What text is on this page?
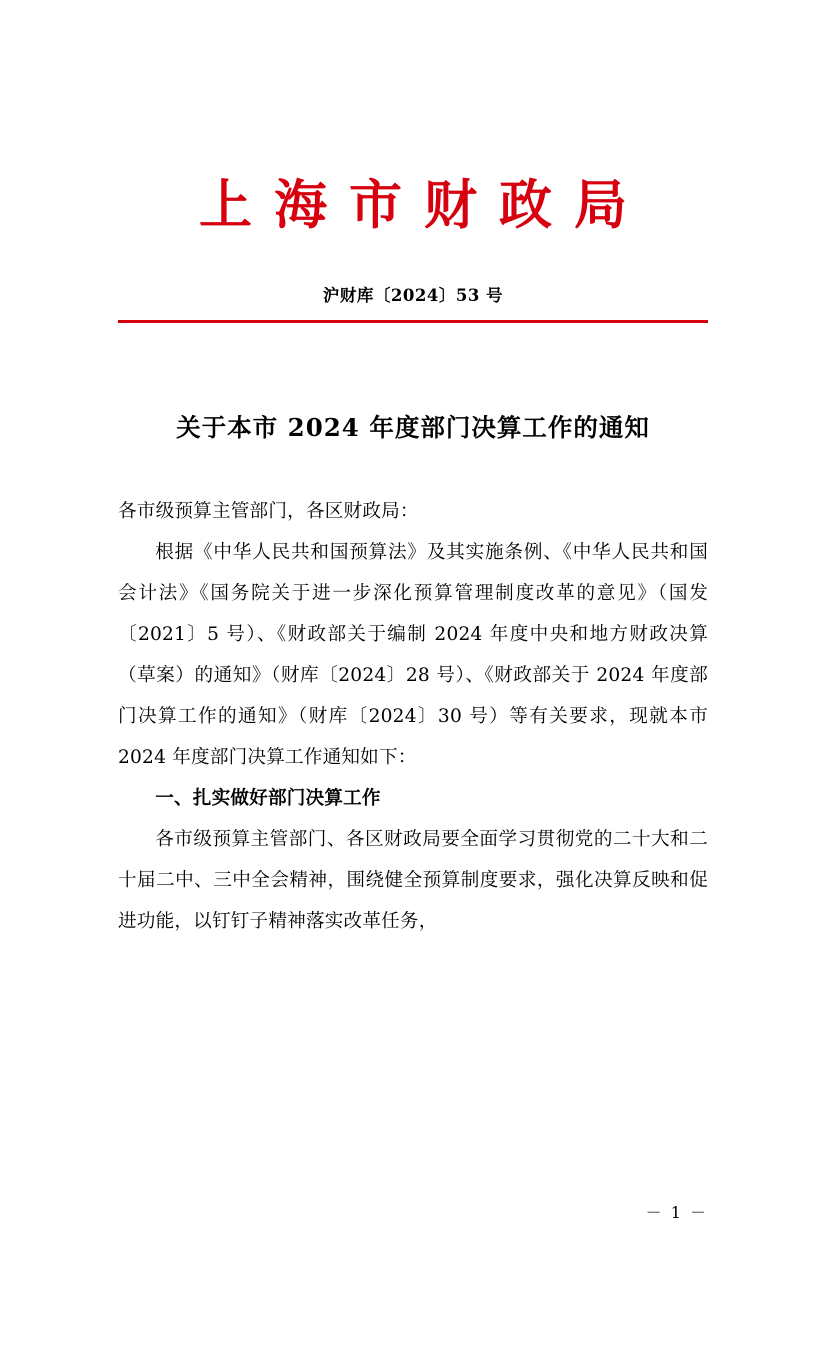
上海市财政局
沪财库〔2024〕53 号
关于本市 2024 年度部门决算工作的通知

各市级预算主管部门，各区财政局：

根据《中华人民共和国预算法》及其实施条例、《中华人民共和国会计法》《国务院关于进一步深化预算管理制度改革的意见》（国发〔2021〕5 号）、《财政部关于编制 2024 年度中央和地方财政决算（草案）的通知》（财库〔2024〕28 号）、《财政部关于 2024 年度部门决算工作的通知》（财库〔2024〕30 号）等有关要求，现就本市 2024 年度部门决算工作通知如下：

一、扎实做好部门决算工作

各市级预算主管部门、各区财政局要全面学习贯彻党的二十大和二十届二中、三中全会精神，围绕健全预算制度要求，强化决算反映和促进功能，以钉钉子精神落实改革任务，

－ 1 －
